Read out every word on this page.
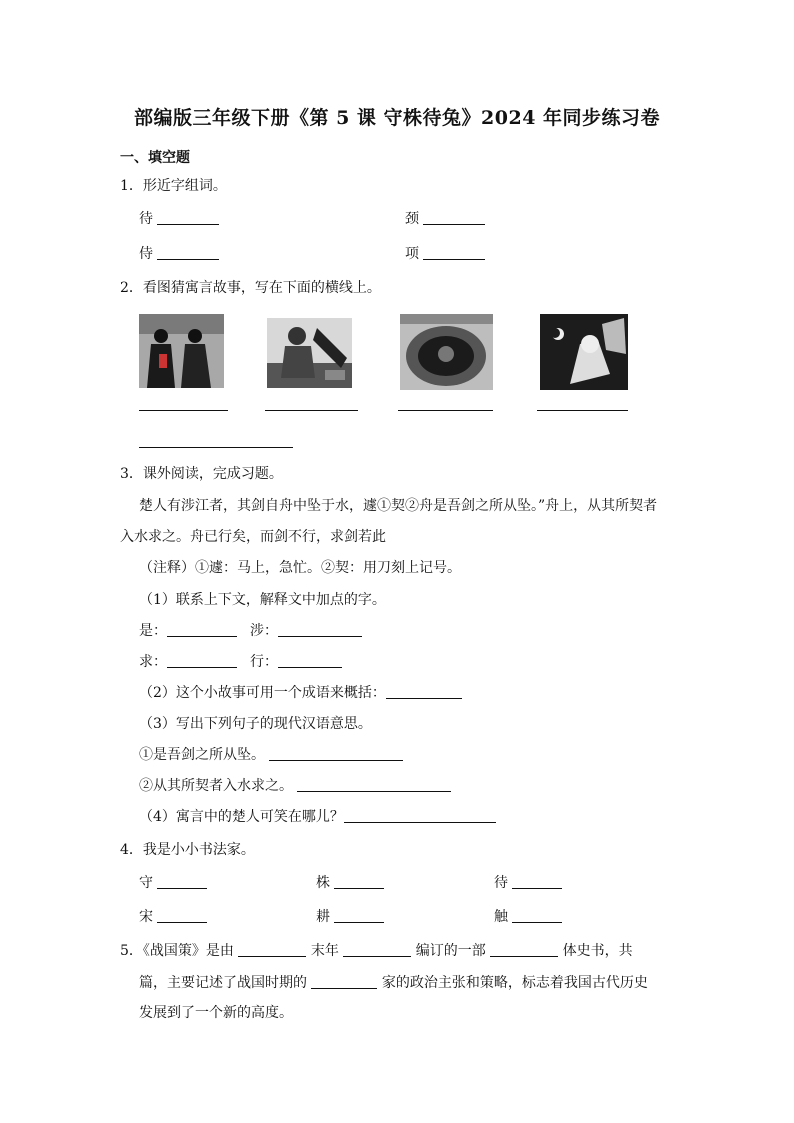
部编版三年级下册《第 5 课 守株待兔》2024 年同步练习卷
一、填空题
1．形近字组词。
待	颈
侍	项
2．看图猜寓言故事，写在下面的横线上。
3．课外阅读，完成习题。
楚人有涉江者，其剑自舟中坠于水，遽①契②舟是吾剑之所从坠。”舟上，从其所契者
入水求之。舟已行矣，而剑不行，求剑若此
（注释）①遽：马上，急忙。②契：用刀刻上记号。
（1）联系上下文，解释文中加点的字。
是：	涉：
求：	行：
（2）这个小故事可用一个成语来概括：
（3）写出下列句子的现代汉语意思。
①是吾剑之所从坠。
②从其所契者入水求之。
（4）寓言中的楚人可笑在哪儿？
4．我是小小书法家。
守	株	待
宋	耕	触
5．《战国策》是由	末年	编订的一部	体史书，共
篇，主要记述了战国时期的	家的政治主张和策略，标志着我国古代历史
发展到了一个新的高度。
